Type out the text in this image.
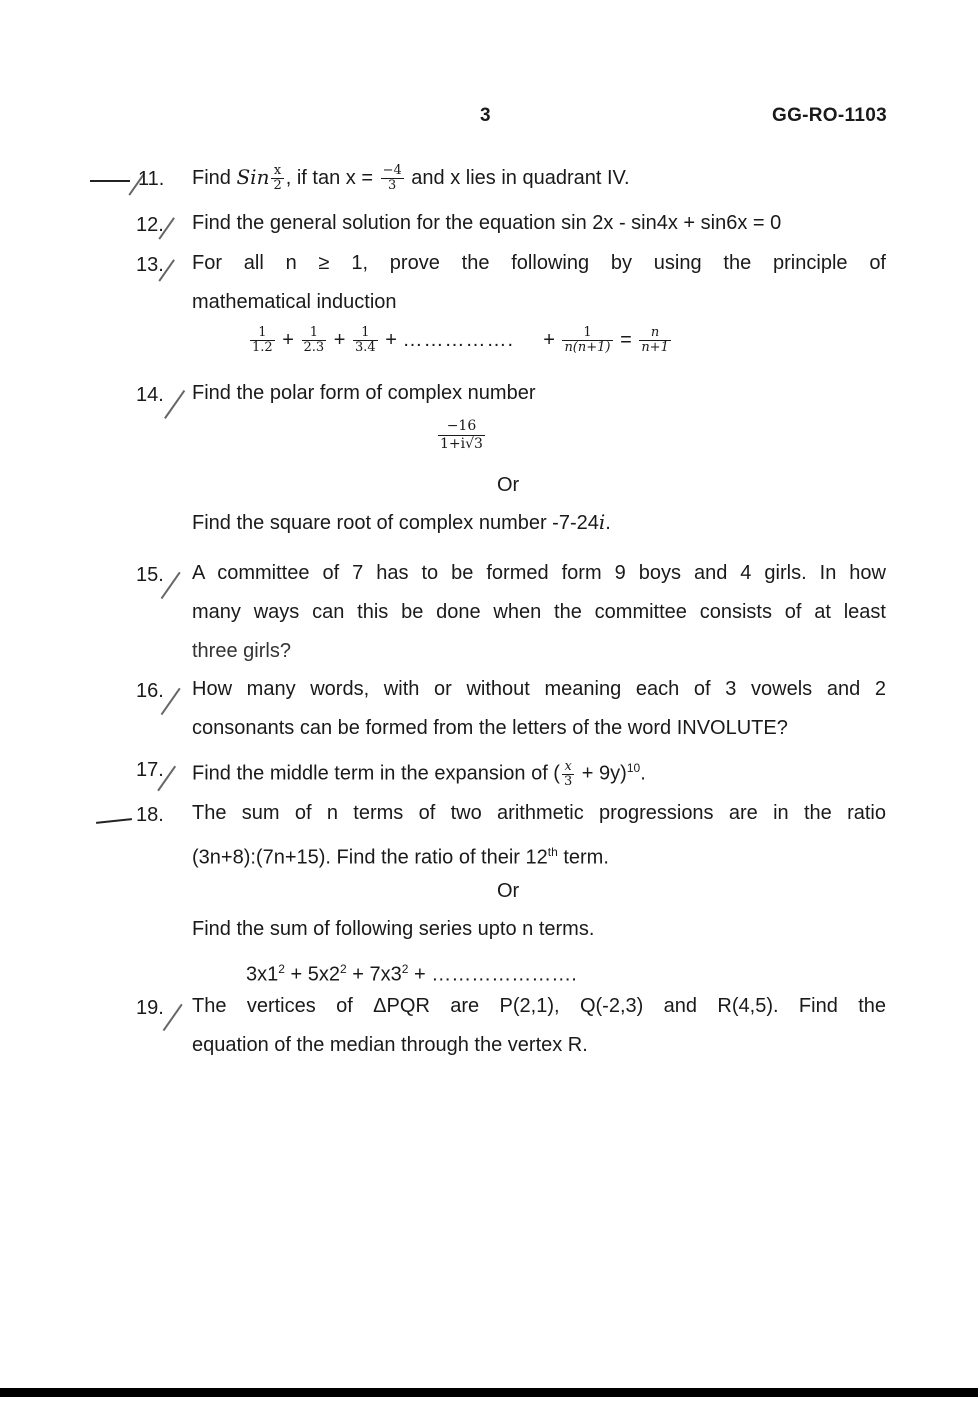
3	GG-RO-1103
11. Find Sin $\frac{x}{2}$ , if $\tan x = \frac{-4}{3}$ and x lies in quadrant IV.
12. Find the general solution for the equation sin 2x - sin4x + sin6x = 0
13. For all n ≥ 1, prove the following by using the principle of
mathematical induction
$\frac{1}{1.2} + \frac{1}{2.3} + \frac{1}{3.4}$ + ……………. + $\frac{1}{n(n+1)} = \frac{n}{n+1}$
14. Find the polar form of complex number
$\frac{-16}{1+i√3}$
Or
Find the square root of complex number -7-24i.
15. A committee of 7 has to be formed form 9 boys and 4 girls. In how
many ways can this be done when the committee consists of at least
three girls?
16. How many words, with or without meaning each of 3 vowels and 2
consonants can be formed from the letters of the word INVOLUTE?
17. Find the middle term in the expansion of ( $\frac{x}{3} + 9y)^{10}$.
18. The sum of n terms of two arithmetic progressions are in the ratio
(3n+8):(7n+15). Find the ratio of their 12th term.
Or
Find the sum of following series upto n terms.
$3x1^2 + 5x2^2 + 7x3^2$ + ………………….
19. The vertices of ΔPQR are P(2,1), Q(-2,3) and R(4,5). Find the
equation of the median through the vertex R.
